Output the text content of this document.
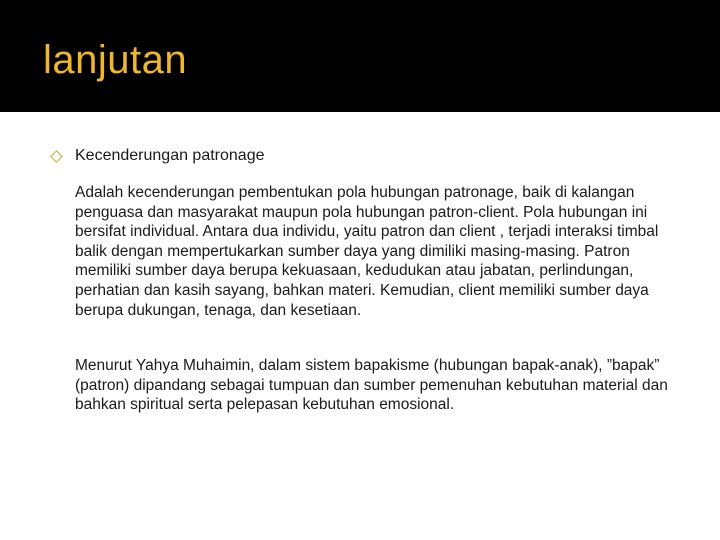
lanjutan
Kecenderungan patronage
Adalah kecenderungan pembentukan pola hubungan patronage, baik di kalangan penguasa dan masyarakat maupun pola hubungan patron-client. Pola hubungan ini bersifat individual. Antara dua individu, yaitu patron dan client , terjadi interaksi timbal balik dengan mempertukarkan sumber daya yang dimiliki masing-masing. Patron memiliki sumber daya berupa kekuasaan, kedudukan atau jabatan, perlindungan, perhatian dan kasih sayang, bahkan materi. Kemudian, client memiliki sumber daya berupa dukungan, tenaga, dan kesetiaan.
Menurut Yahya Muhaimin, dalam sistem bapakisme (hubungan bapak-anak), ”bapak” (patron) dipandang sebagai tumpuan dan sumber pemenuhan kebutuhan material dan bahkan spiritual serta pelepasan kebutuhan emosional.
